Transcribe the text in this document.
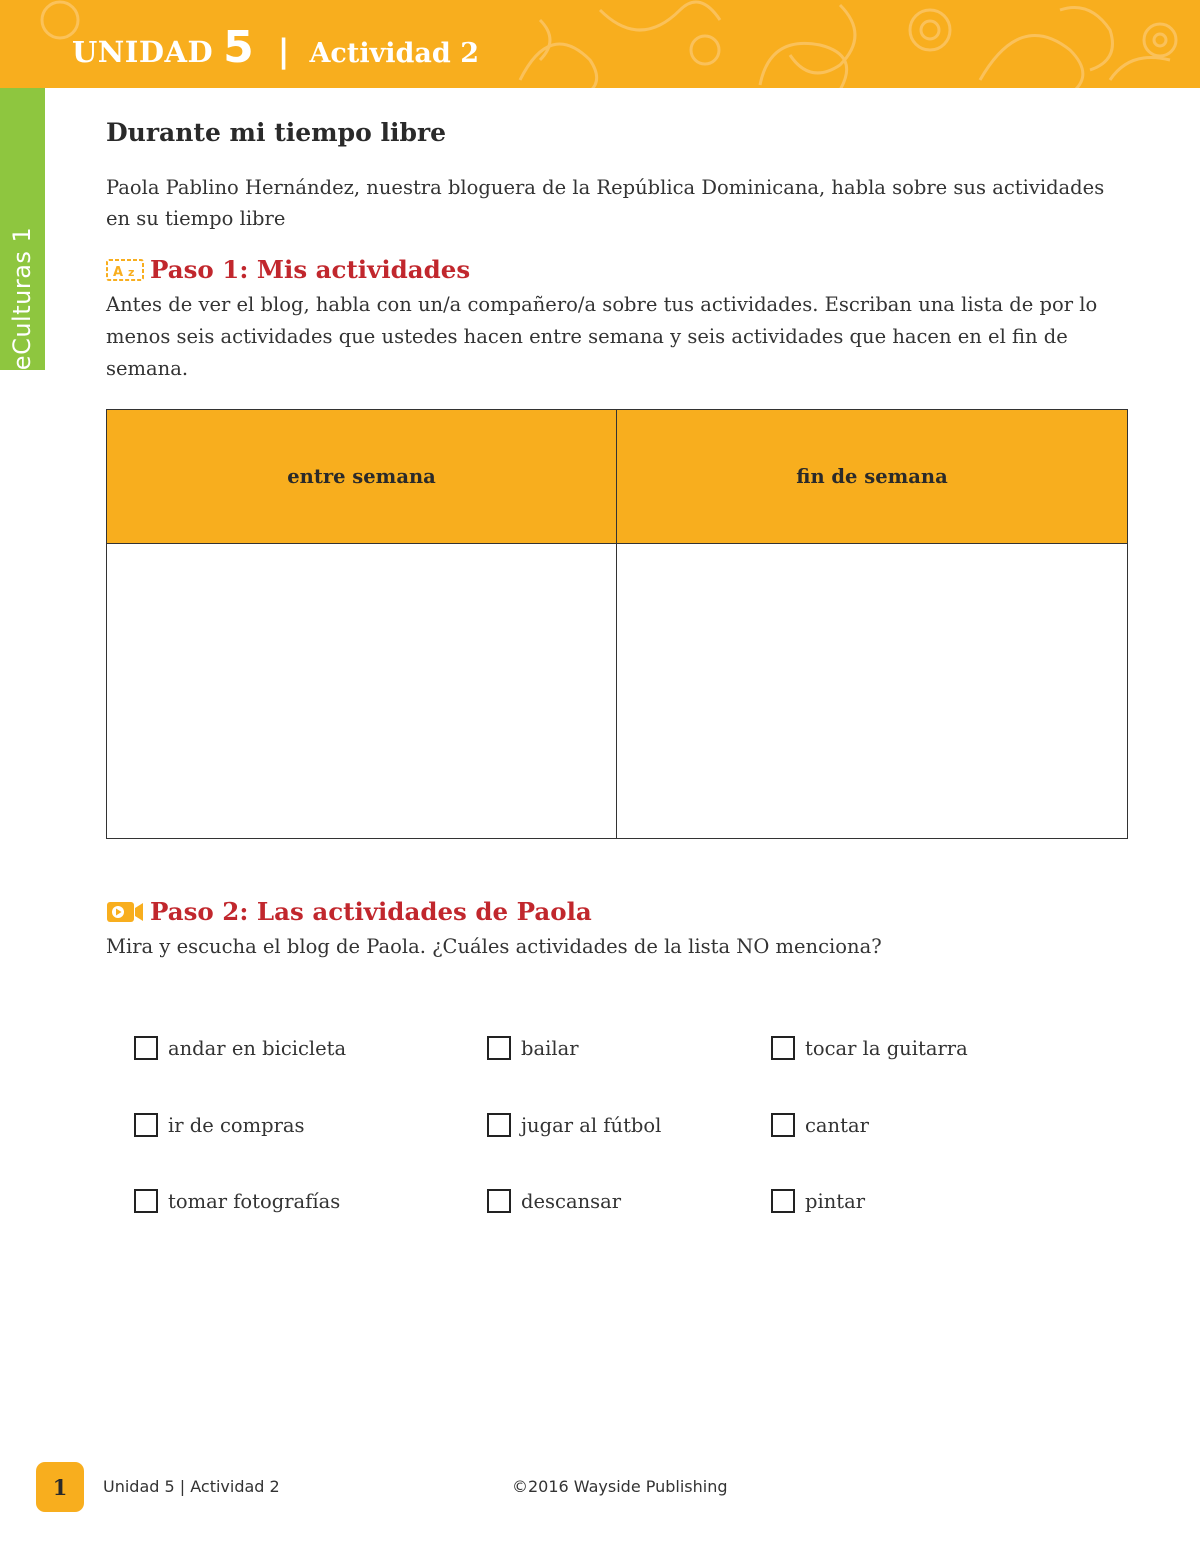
UNIDAD 5 | Actividad 2
EntreCulturas 1
Durante mi tiempo libre

Paola Pablino Hernández, nuestra bloguera de la República Dominicana, habla sobre sus actividades en su tiempo libre

A z Paso 1: Mis actividades

Antes de ver el blog, habla con un/a compañero/a sobre tus actividades. Escriban una lista de por lo menos seis actividades que ustedes hacen entre semana y seis actividades que hacen en el fin de semana.

entre semana	fin de semana
Paso 2: Las actividades de Paola

Mira y escucha el blog de Paola. ¿Cuáles actividades de la lista NO menciona?

andar en bicicleta	bailar	tocar la guitarra
ir de compras	jugar al fútbol	cantar
tomar fotografías	descansar	pintar
1	Unidad 5 | Actividad 2	©2016 Wayside Publishing
